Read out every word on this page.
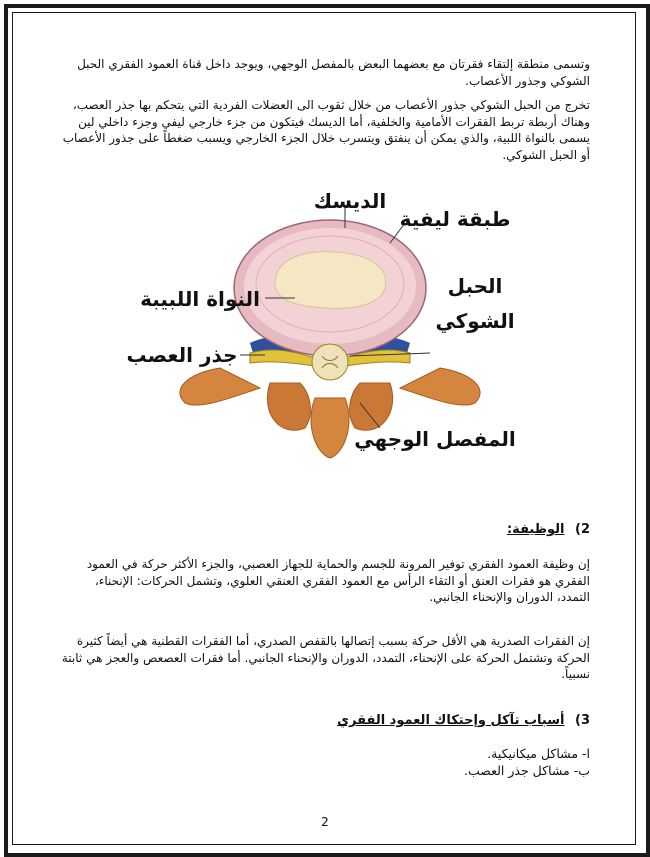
وتسمى منطقة إلتقاء فقرتان مع بعضهما البعض بالمفصل الوجهي، ويوجد داخل قناة العمود الفقري الحبل الشوكي وجذور الأعصاب.
تخرج من الحبل الشوكي جذور الأعصاب من خلال ثقوب الى العضلات الفردية التي يتحكم بها جذر العصب، وهناك أربطة تربط الفقرات الأمامية والخلفية، أما الديسك فيتكون من جزء خارجي ليفي وجزء داخلي لين يسمى بالنواة اللبية، والذي يمكن أن ينفتق ويتسرب خلال الجزء الخارجي ويسبب ضغطاً على جذور الأعصاب أو الحبل الشوكي.
الديسك
طبقة ليفية
النواة اللبيبة
الحبل
الشوكي
جذر العصب
المفصل الوجهي
2) الوظيفة:
إن وظيفة العمود الفقري توفير المرونة للجسم والحماية للجهاز العصبي، والجزء الأكثر حركة في العمود الفقري هو فقرات العنق أو التقاء الرأس مع العمود الفقري العنقي العلوي، وتشمل الحركات: الإنحناء، التمدد، الدوران والإنحناء الجانبي.
إن الفقرات الصدرية هي الأقل حركة بسبب إتصالها بالقفص الصدري، أما الفقرات القطنية هي أيضاً كثيرة الحركة وتشتمل الحركة على الإنحناء، التمدد، الدوران والإنحناء الجانبي. أما فقرات العصعص والعجز هي ثابتة نسبياً.
3) أسباب تآكل وإحتكاك العمود الفقري
ا- مشاكل ميكانيكية.
ب- مشاكل جذر العصب.
2
